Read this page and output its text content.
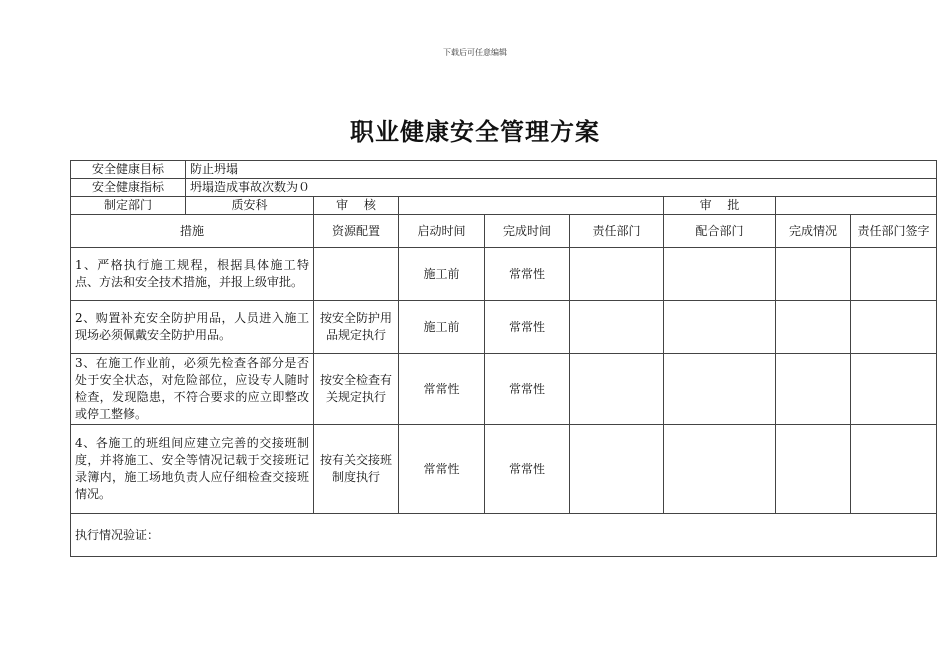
下载后可任意编辑
职业健康安全管理方案
安全健康目标	防止坍塌							
安全健康指标	坍塌造成事故次数为０							
制定部门	质安科	审　 核				审　 批		
措施		资源配置	启动时间	完成时间	责任部门	配合部门	完成情况	责任部门签字
1、严格执行施工规程，根据具体施工特点、方法和安全技术措施，并报上级审批。			施工前	常常性				
2、购置补充安全防护用品，人员进入施工现场必须佩戴安全防护用品。		按安全防护用品规定执行	施工前	常常性				
3、在施工作业前，必须先检查各部分是否处于安全状态，对危险部位，应设专人随时检查，发现隐患，不符合要求的应立即整改或停工整修。		按安全检查有关规定执行	常常性	常常性				
4、各施工的班组间应建立完善的交接班制度，并将施工、安全等情况记载于交接班记录簿内，施工场地负责人应仔细检查交接班情况。		按有关交接班制度执行	常常性	常常性				
执行情况验证：								
